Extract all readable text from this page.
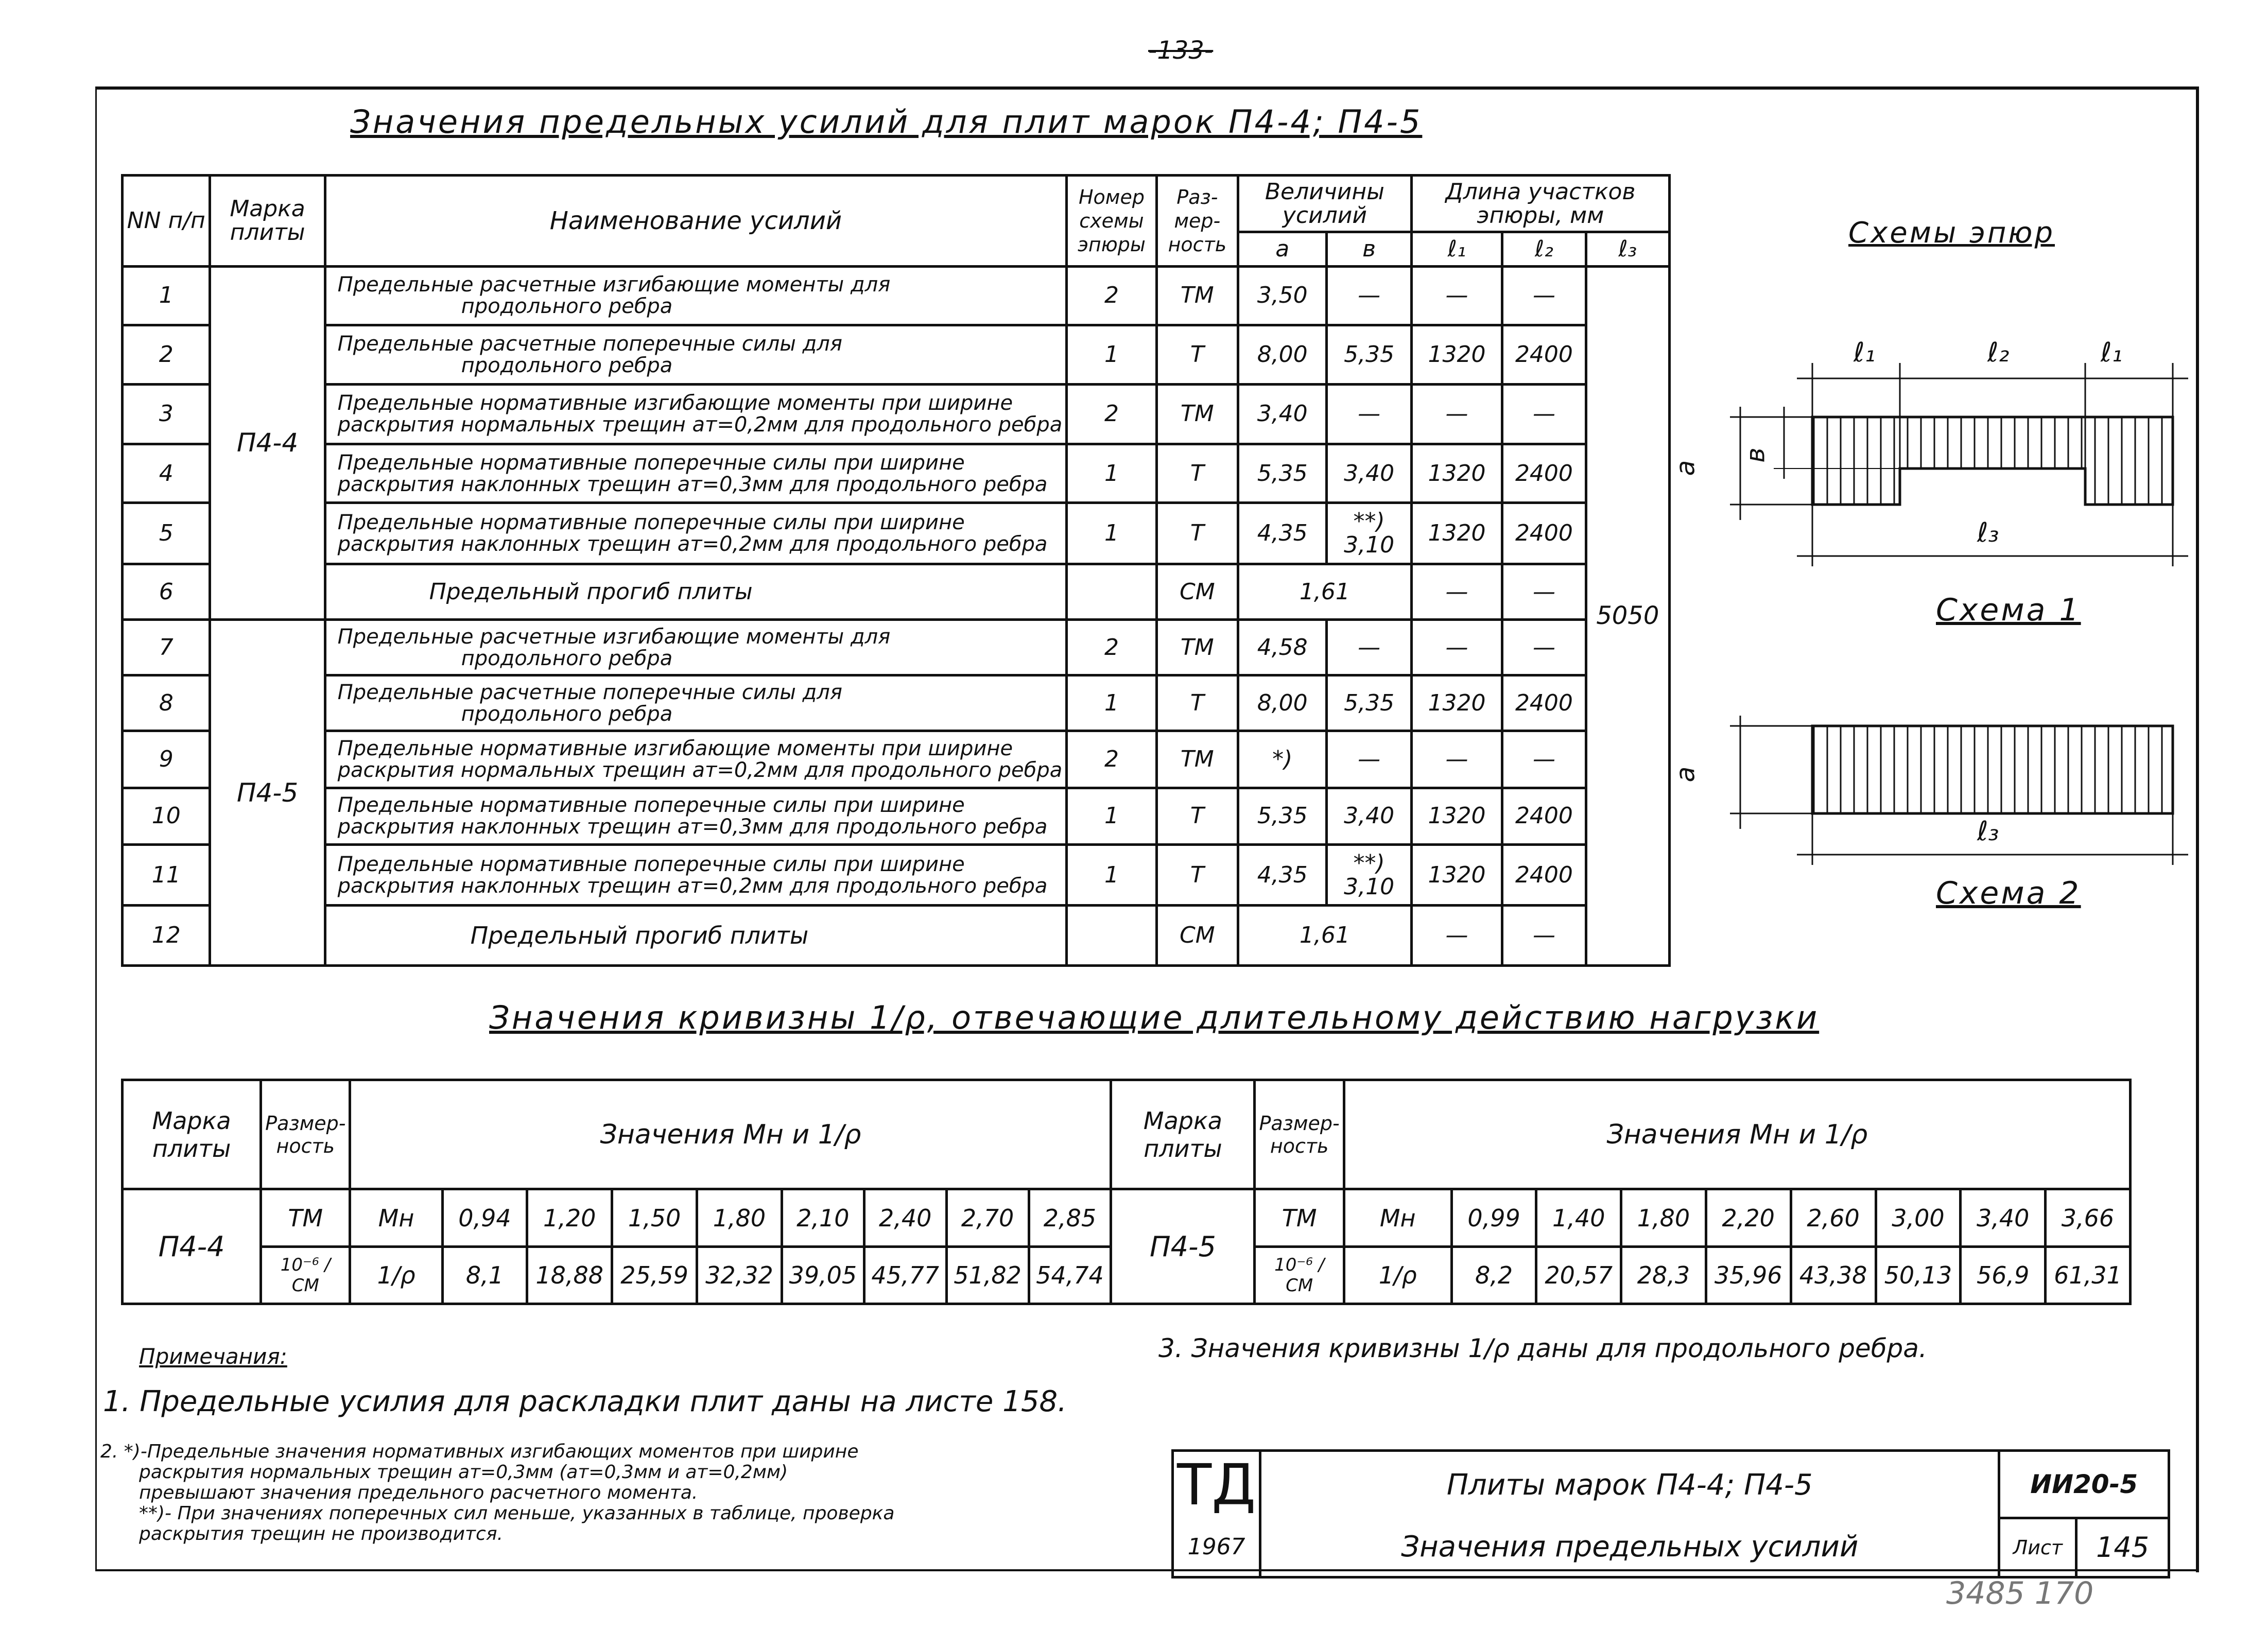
-133-
Значения предельных усилий для плит марок П4-4; П4-5
NN п/п	Марка плиты	Наименование усилий	Номер схемы эпюры	Раз-мер-ность	Величины усилий		Длина участков эпюры, мм		
					a	в	ℓ₁	ℓ₂	ℓ₃
1	П4-4	Предельные расчетные изгибающие моменты для
продольного ребра	2	ТМ	3,50	—	—	—	5050
2		Предельные расчетные поперечные силы для
продольного ребра	1	Т	8,00	5,35	1320	2400	
3		Предельные нормативные изгибающие моменты при ширине
раскрытия нормальных трещин aт=0,2мм для продольного ребра	2	ТМ	3,40	—	—	—	
4		Предельные нормативные поперечные силы при ширине
раскрытия наклонных трещин aт=0,3мм для продольного ребра	1	Т	5,35	3,40	1320	2400	
5		Предельные нормативные поперечные силы при ширине
раскрытия наклонных трещин aт=0,2мм для продольного ребра	1	Т	4,35	**) 3,10	1320	2400	
6		Предельный прогиб плиты		СМ	1,61		—	—	
7	П4-5	Предельные расчетные изгибающие моменты для
продольного ребра	2	ТМ	4,58	—	—	—	
8		Предельные расчетные поперечные силы для
продольного ребра	1	Т	8,00	5,35	1320	2400	
9		Предельные нормативные изгибающие моменты при ширине
раскрытия нормальных трещин aт=0,2мм для продольного ребра	2	ТМ	*)	—	—	—	
10		Предельные нормативные поперечные силы при ширине
раскрытия наклонных трещин aт=0,3мм для продольного ребра	1	Т	5,35	3,40	1320	2400	
11		Предельные нормативные поперечные силы при ширине
раскрытия наклонных трещин aт=0,2мм для продольного ребра	1	Т	4,35	**) 3,10	1320	2400	
12		Предельный прогиб плиты		СМ	1,61		—	—	
Схемы эпюр
ℓ₁	ℓ₂	ℓ₁
a
в
ℓ₃
Схема 1
a
ℓ₃
Схема 2
Значения кривизны 1/ρ, отвечающие длительному действию нагрузки
Марка плиты	Размер-ность	Значения Мн и 1/ρ									Марка плиты	Размер-ность	Значения Мн и 1/ρ								
П4-4	ТМ	Мн	0,94	1,20	1,50	1,80	2,10	2,40	2,70	2,85	П4-5	ТМ	Мн	0,99	1,40	1,80	2,20	2,60	3,00	3,40	3,66
	10⁻⁶ / СМ	1/ρ	8,1	18,88	25,59	32,32	39,05	45,77	51,82	54,74		10⁻⁶ / СМ	1/ρ	8,2	20,57	28,3	35,96	43,38	50,13	56,9	61,31
Примечания:
1. Предельные усилия для раскладки плит даны на листе 158.
2. *)-Предельные значения нормативных изгибающих моментов при ширине
раскрытия нормальных трещин aт=0,3мм (aт=0,3мм и aт=0,2мм)
превышают значения предельного расчетного момента.
**)- При значениях поперечных сил меньше, указанных в таблице, проверка
раскрытия трещин не производится.
3. Значения кривизны 1/ρ даны для продольного ребра.
ТД	Плиты марок П4-4; П4-5	ИИ20-5	
1967	Значения предельных усилий	Лист	145
3485 170
